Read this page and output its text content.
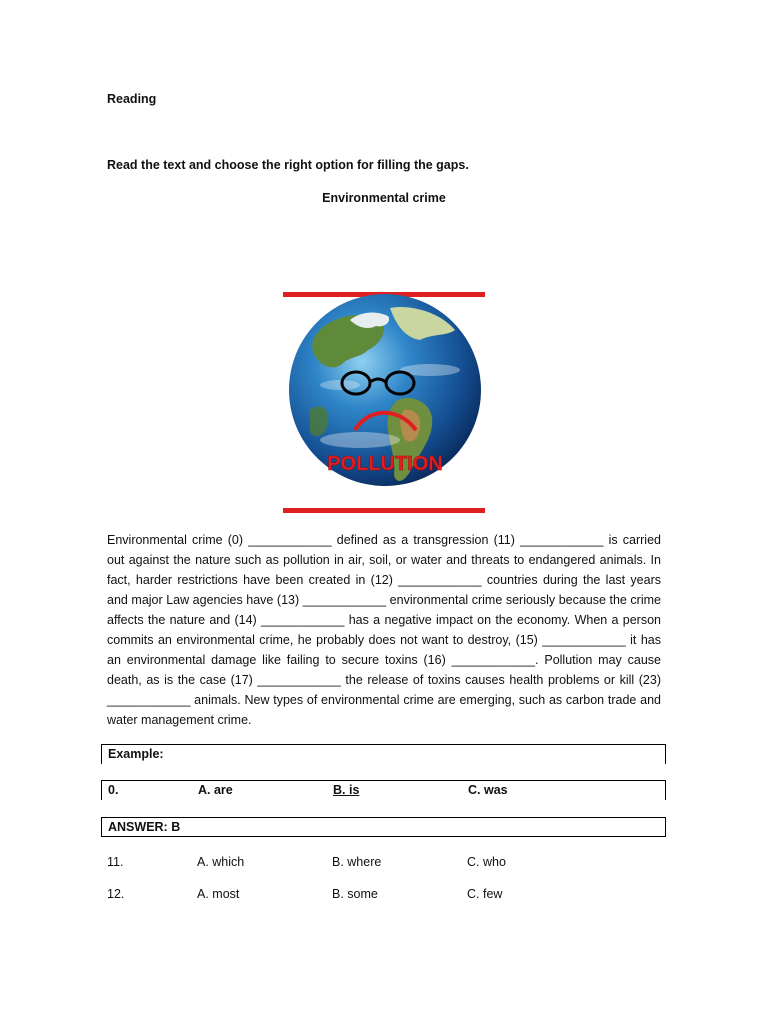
Reading
Read the text and choose the right option for filling the gaps.
Environmental crime
POLLUTION
Environmental crime (0) ____________ defined as a transgression (11) ____________ is carried out against the nature such as pollution in air, soil, or water and threats to endangered animals. In fact, harder restrictions have been created in (12) ____________ countries during the last years and major Law agencies have (13) ____________ environmental crime seriously because the crime affects the nature and (14) ____________ has a negative impact on the economy. When a person commits an environmental crime, he probably does not want to destroy, (15) ____________ it has an environmental damage like failing to secure toxins (16) ____________. Pollution may cause death, as is the case (17) ____________ the release of toxins causes health problems or kill (23) ____________ animals. New types of environmental crime are emerging, such as carbon trade and water management crime.
Example:
0.	A. are	B. is	C. was
ANSWER: B
11.	A. which	B. where	C. who
12.	A. most	B. some	C. few
